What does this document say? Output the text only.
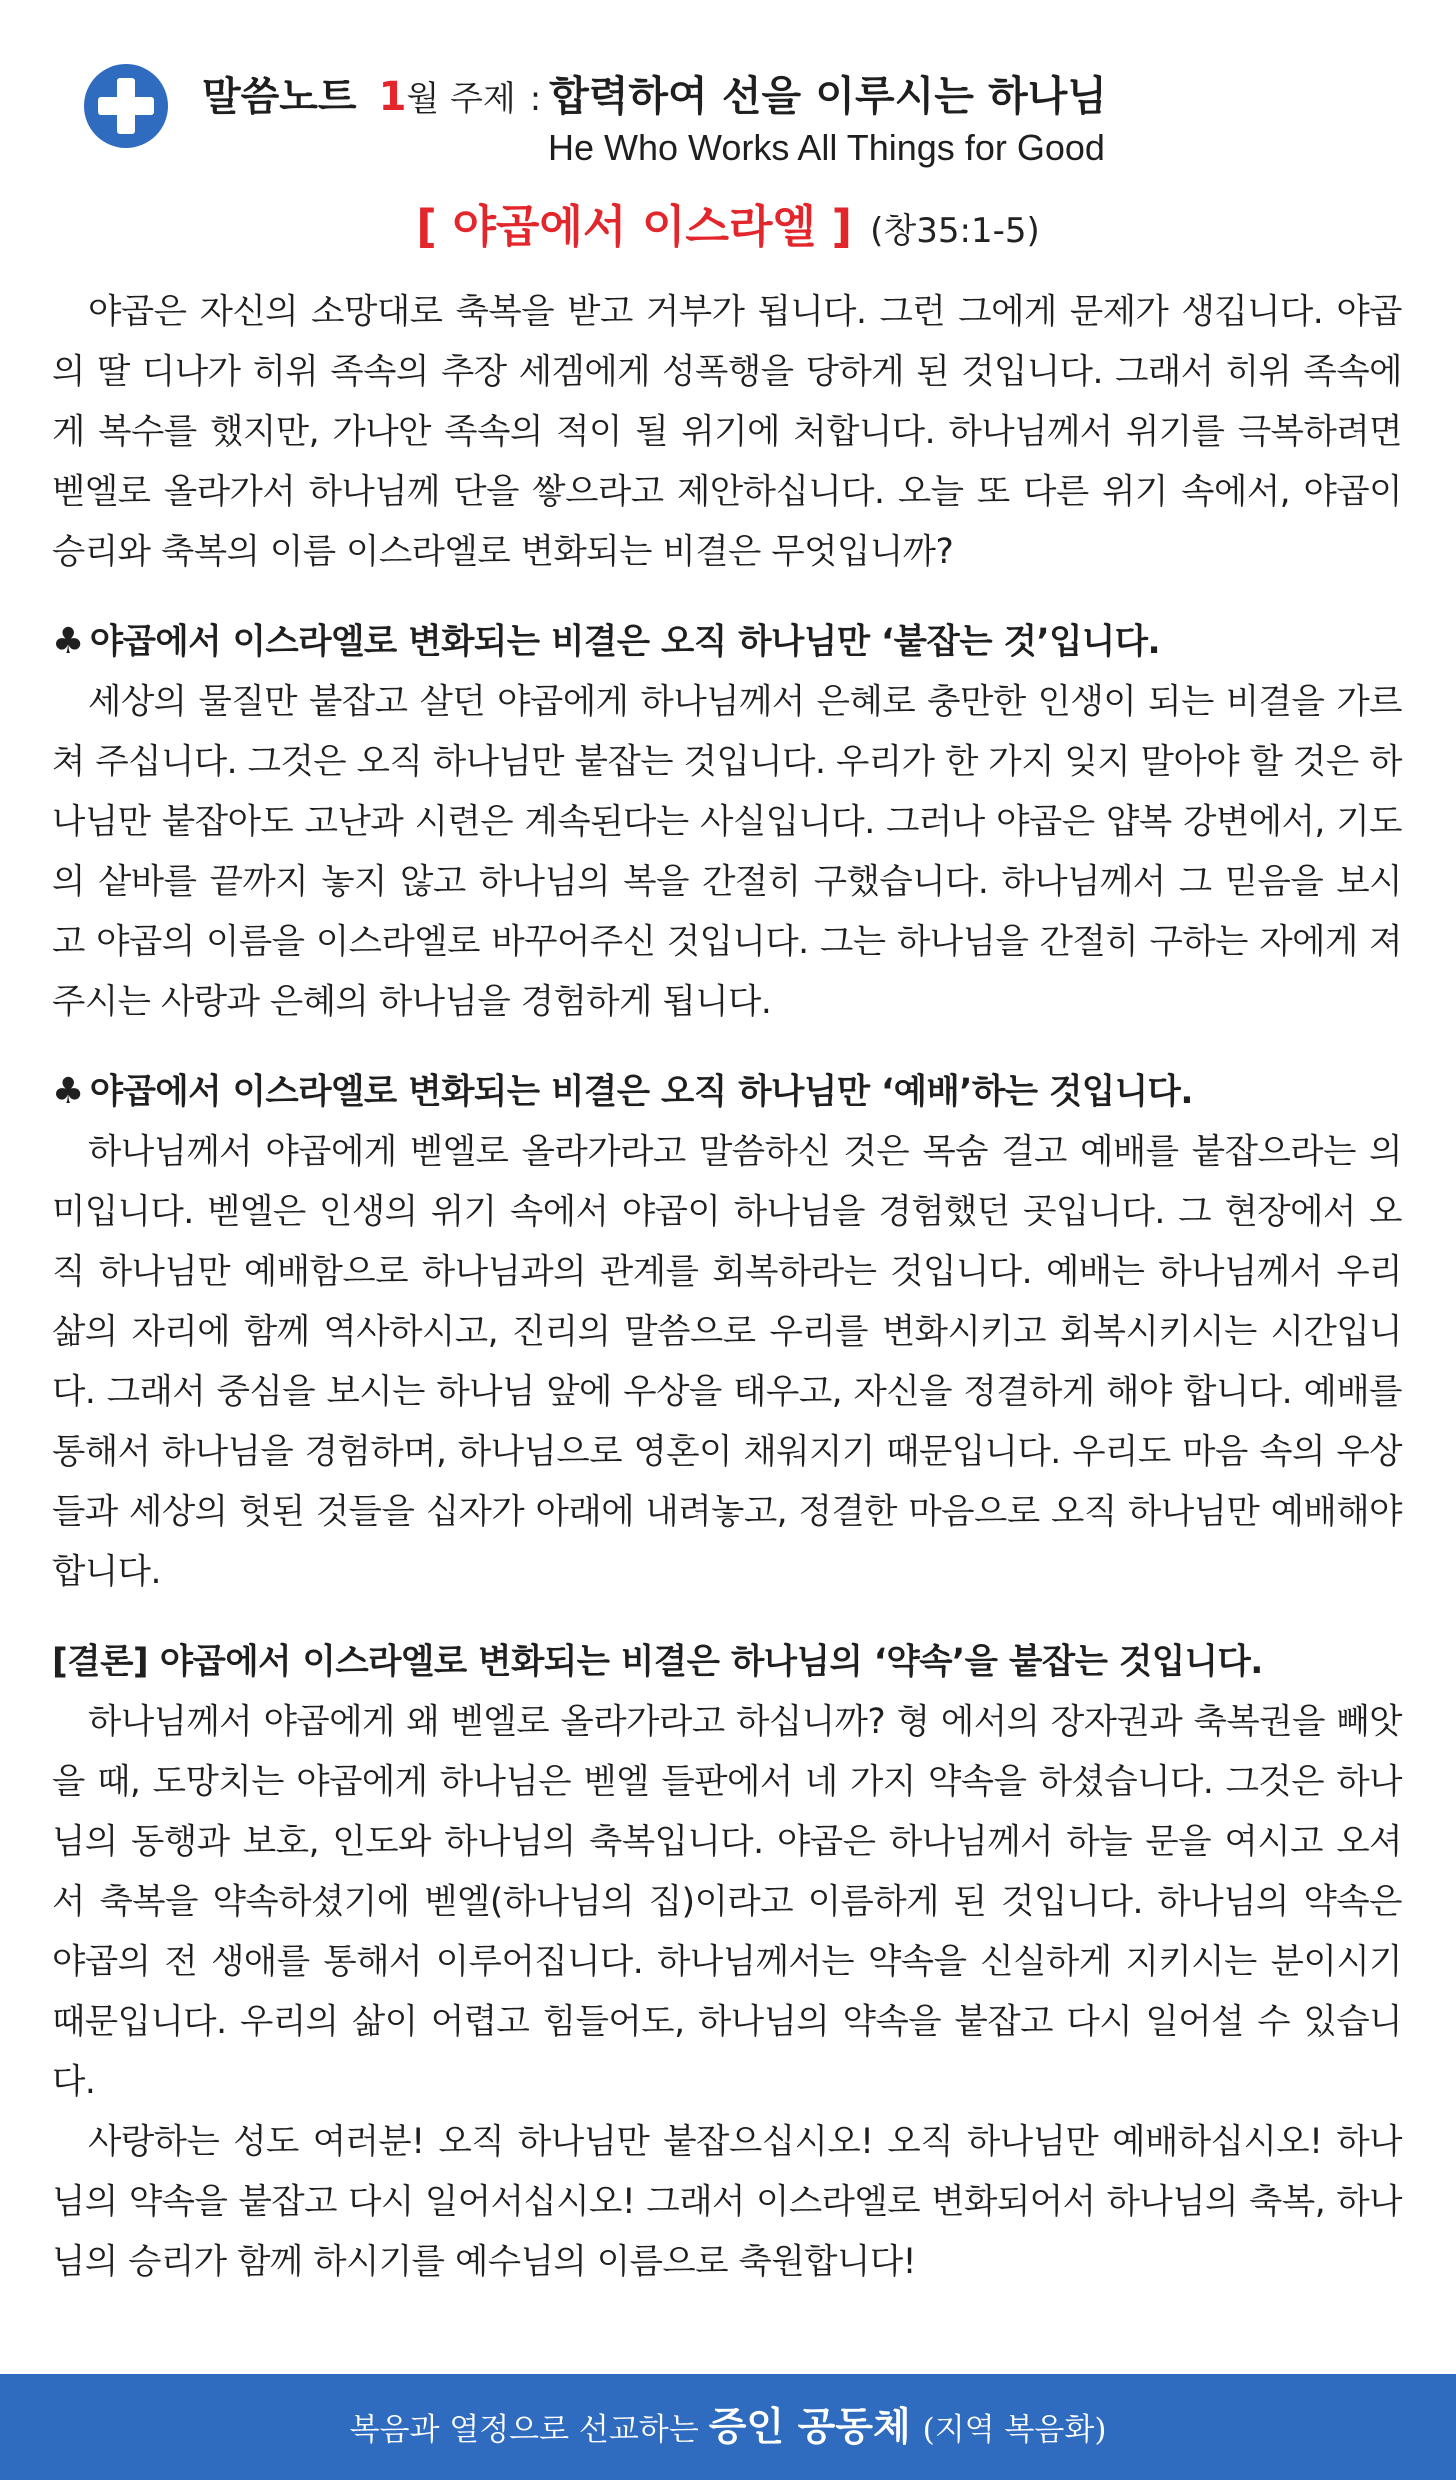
말씀노트 1월 주제 : 합력하여 선을 이루시는 하나님
He Who Works All Things for Good
[ 야곱에서 이스라엘 ] (창35:1-5)

야곱은 자신의 소망대로 축복을 받고 거부가 됩니다. 그런 그에게 문제가 생깁니다. 야곱의 딸 디나가 히위 족속의 추장 세겜에게 성폭행을 당하게 된 것입니다. 그래서 히위 족속에게 복수를 했지만, 가나안 족속의 적이 될 위기에 처합니다. 하나님께서 위기를 극복하려면 벧엘로 올라가서 하나님께 단을 쌓으라고 제안하십니다. 오늘 또 다른 위기 속에서, 야곱이 승리와 축복의 이름 이스라엘로 변화되는 비결은 무엇입니까?

♣ 야곱에서 이스라엘로 변화되는 비결은 오직 하나님만 ‘붙잡는 것’입니다.

세상의 물질만 붙잡고 살던 야곱에게 하나님께서 은혜로 충만한 인생이 되는 비결을 가르쳐 주십니다. 그것은 오직 하나님만 붙잡는 것입니다. 우리가 한 가지 잊지 말아야 할 것은 하나님만 붙잡아도 고난과 시련은 계속된다는 사실입니다. 그러나 야곱은 얍복 강변에서, 기도의 샅바를 끝까지 놓지 않고 하나님의 복을 간절히 구했습니다. 하나님께서 그 믿음을 보시고 야곱의 이름을 이스라엘로 바꾸어주신 것입니다. 그는 하나님을 간절히 구하는 자에게 져주시는 사랑과 은혜의 하나님을 경험하게 됩니다.

♣ 야곱에서 이스라엘로 변화되는 비결은 오직 하나님만 ‘예배’하는 것입니다.

하나님께서 야곱에게 벧엘로 올라가라고 말씀하신 것은 목숨 걸고 예배를 붙잡으라는 의미입니다. 벧엘은 인생의 위기 속에서 야곱이 하나님을 경험했던 곳입니다. 그 현장에서 오직 하나님만 예배함으로 하나님과의 관계를 회복하라는 것입니다. 예배는 하나님께서 우리 삶의 자리에 함께 역사하시고, 진리의 말씀으로 우리를 변화시키고 회복시키시는 시간입니다. 그래서 중심을 보시는 하나님 앞에 우상을 태우고, 자신을 정결하게 해야 합니다. 예배를 통해서 하나님을 경험하며, 하나님으로 영혼이 채워지기 때문입니다. 우리도 마음 속의 우상들과 세상의 헛된 것들을 십자가 아래에 내려놓고, 정결한 마음으로 오직 하나님만 예배해야 합니다.

[결론] 야곱에서 이스라엘로 변화되는 비결은 하나님의 ‘약속’을 붙잡는 것입니다.

하나님께서 야곱에게 왜 벧엘로 올라가라고 하십니까? 형 에서의 장자권과 축복권을 빼앗을 때, 도망치는 야곱에게 하나님은 벧엘 들판에서 네 가지 약속을 하셨습니다. 그것은 하나님의 동행과 보호, 인도와 하나님의 축복입니다. 야곱은 하나님께서 하늘 문을 여시고 오셔서 축복을 약속하셨기에 벧엘(하나님의 집)이라고 이름하게 된 것입니다. 하나님의 약속은 야곱의 전 생애를 통해서 이루어집니다. 하나님께서는 약속을 신실하게 지키시는 분이시기 때문입니다. 우리의 삶이 어렵고 힘들어도, 하나님의 약속을 붙잡고 다시 일어설 수 있습니다.

사랑하는 성도 여러분! 오직 하나님만 붙잡으십시오! 오직 하나님만 예배하십시오! 하나님의 약속을 붙잡고 다시 일어서십시오! 그래서 이스라엘로 변화되어서 하나님의 축복, 하나님의 승리가 함께 하시기를 예수님의 이름으로 축원합니다!

복음과 열정으로 선교하는 증인 공동체 (지역 복음화)
